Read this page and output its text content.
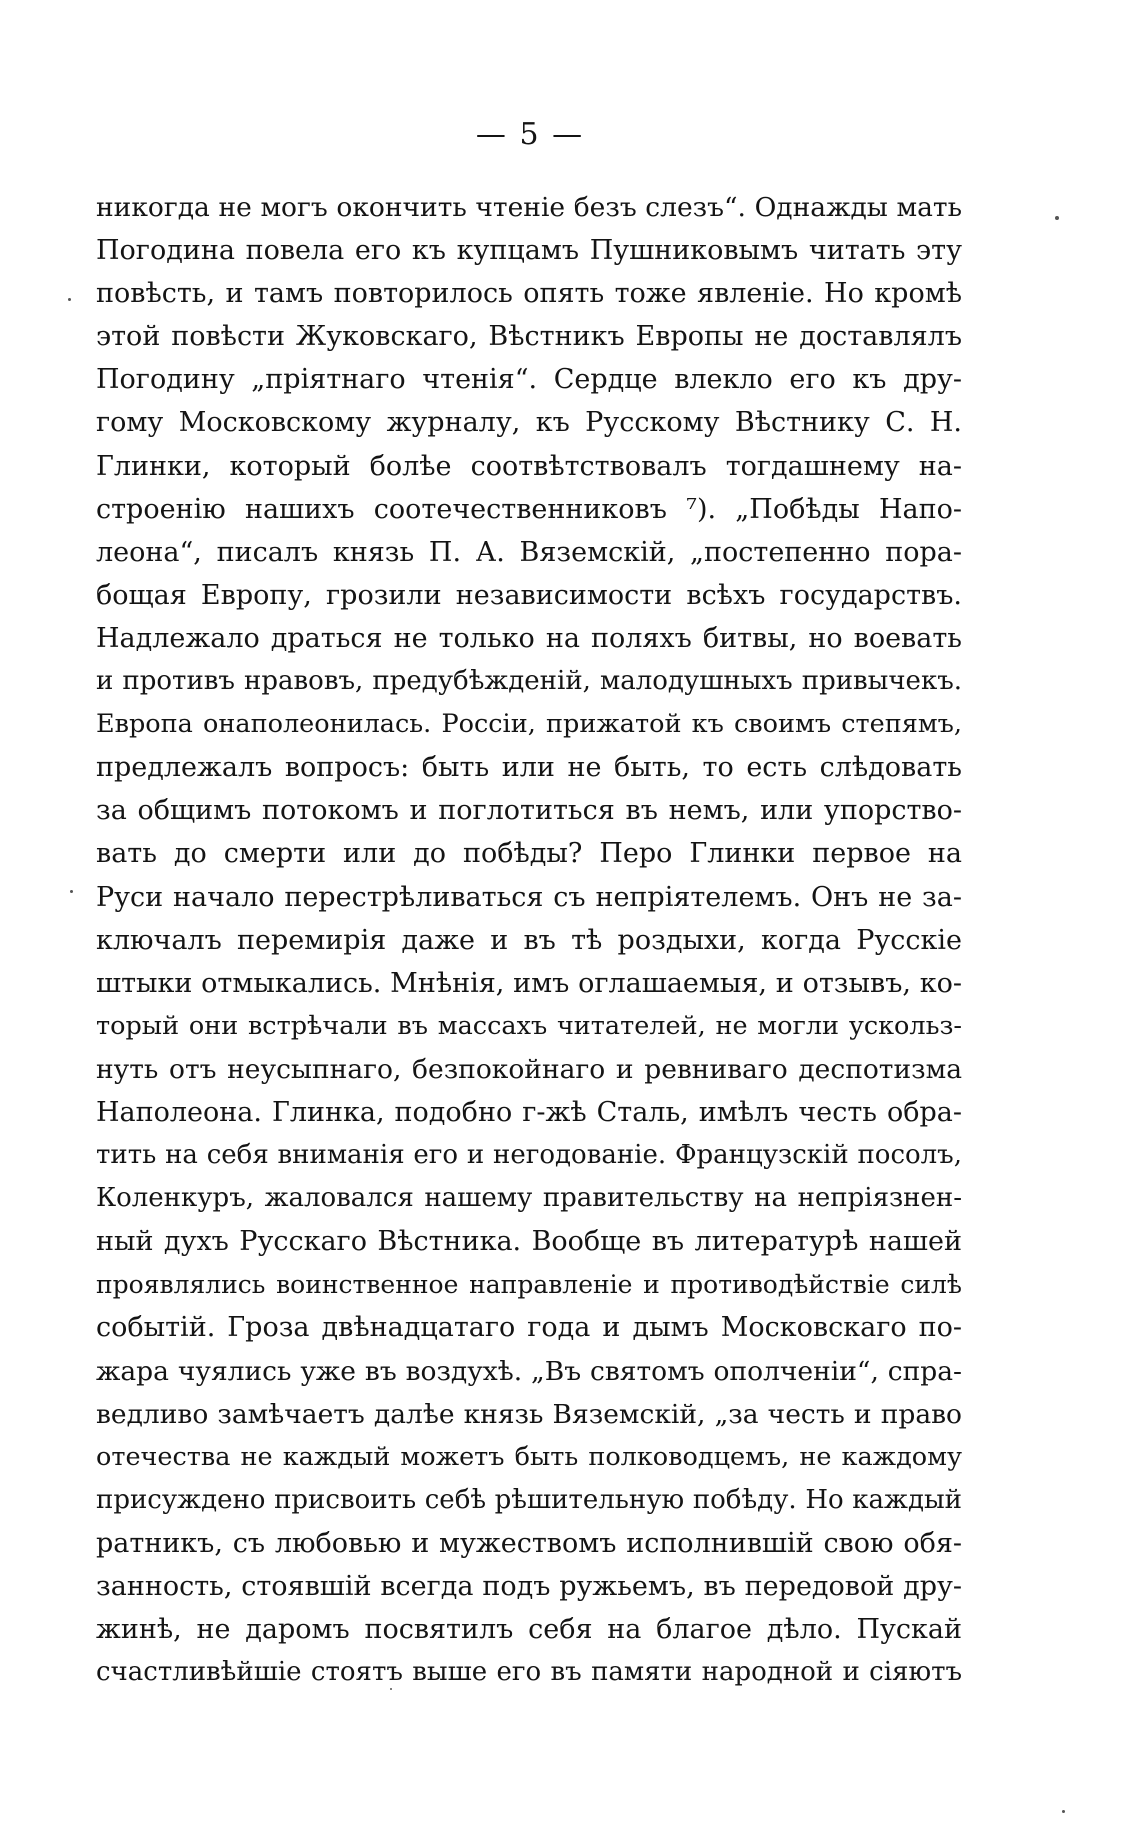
— 5 —
никогда не могъ окончить чтеніе безъ слезъ“. Однажды мать
Погодина повела его къ купцамъ Пушниковымъ читать эту
повѣсть, и тамъ повторилось опять тоже явленіе. Но кромѣ
этой повѣсти Жуковскаго, Вѣстникъ Европы не доставлялъ
Погодину „пріятнаго чтенія“. Сердце влекло его къ дру-
гому Московскому журналу, къ Русскому Вѣстнику С. Н.
Глинки, который болѣе соотвѣтствовалъ тогдашнему на-
строенію нашихъ соотечественниковъ ⁷). „Побѣды Напо-
леона“, писалъ князь П. А. Вяземскій, „постепенно пора-
бощая Европу, грозили независимости всѣхъ государствъ.
Надлежало драться не только на поляхъ битвы, но воевать
и противъ нравовъ, предубѣжденій, малодушныхъ привычекъ.
Европа онаполеонилась. Россіи, прижатой къ своимъ степямъ,
предлежалъ вопросъ: быть или не быть, то есть слѣдовать
за общимъ потокомъ и поглотиться въ немъ, или упорство-
вать до смерти или до побѣды? Перо Глинки первое на
Руси начало перестрѣливаться съ непріятелемъ. Онъ не за-
ключалъ перемирія даже и въ тѣ роздыхи, когда Русскіе
штыки отмыкались. Мнѣнія, имъ оглашаемыя, и отзывъ, ко-
торый они встрѣчали въ массахъ читателей, не могли ускольз-
нуть отъ неусыпнаго, безпокойнаго и ревниваго деспотизма
Наполеона. Глинка, подобно г-жѣ Сталь, имѣлъ честь обра-
тить на себя вниманія его и негодованіе. Французскій посолъ,
Коленкуръ, жаловался нашему правительству на непріязнен-
ный духъ Русскаго Вѣстника. Вообще въ литературѣ нашей
проявлялись воинственное направленіе и противодѣйствіе силѣ
событій. Гроза двѣнадцатаго года и дымъ Московскаго по-
жара чуялись уже въ воздухѣ. „Въ святомъ ополченіи“, спра-
ведливо замѣчаетъ далѣе князь Вяземскій, „за честь и право
отечества не каждый можетъ быть полководцемъ, не каждому
присуждено присвоить себѣ рѣшительную побѣду. Но каждый
ратникъ, съ любовью и мужествомъ исполнившій свою обя-
занность, стоявшій всегда подъ ружьемъ, въ передовой дру-
жинѣ, не даромъ посвятилъ себя на благое дѣло. Пускай
счастливѣйшіе стоятъ выше его въ памяти народной и сіяютъ
